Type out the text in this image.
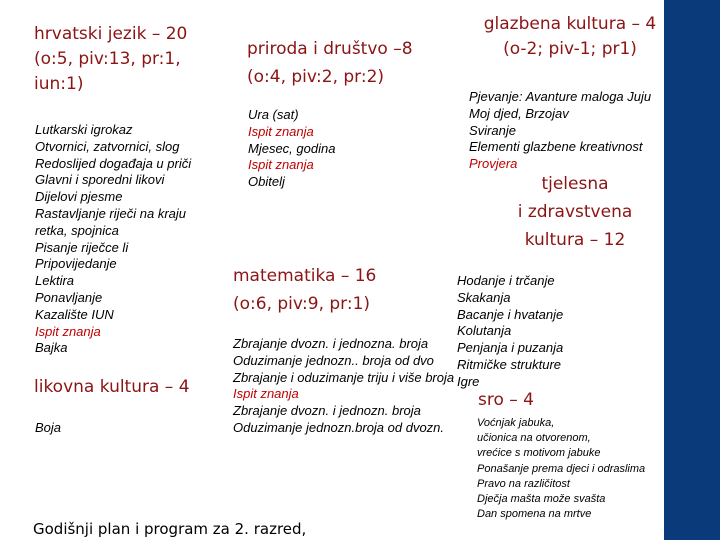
hrvatski jezik – 20
(o:5, piv:13, pr:1,
iun:1)
Lutkarski igrokaz
Otvornici, zatvornici, slog
Redoslijed događaja u priči
Glavni i sporedni likovi
Dijelovi pjesme
Rastavljanje riječi na kraju
retka, spojnica
Pisanje riječce li
Pripovijedanje
Lektira
Ponavljanje
Kazalište IUN
Ispit znanja
Bajka
likovna kultura – 4
Boja
priroda i društvo –8
(o:4, piv:2, pr:2)
Ura (sat)
Ispit znanja
Mjesec, godina
Ispit znanja
Obitelj
matematika – 16
(o:6, piv:9, pr:1)
Zbrajanje dvozn. i jednozna. broja
Oduzimanje jednozn.. broja od dvo
Zbrajanje i oduzimanje triju i više broja
Ispit znanja
Zbrajanje dvozn. i jednozn. broja
Oduzimanje jednozn.broja od dvozn.
glazbena kultura – 4
(o-2; piv-1; pr1)
Pjevanje: Avanture maloga Juju
Moj djed, Brzojav
Sviranje
Elementi glazbene kreativnost
Provjera
tjelesna
i zdravstvena
kultura – 12
Hodanje i trčanje
Skakanja
Bacanje i hvatanje
Kolutanja
Penjanja i puzanja
Ritmičke strukture
Igre
sro – 4
Voćnjak jabuka,
učionica na otvorenom,
vrećice s motivom jabuke
Ponašanje prema djeci i odraslima
Pravo na različitost
Dječja mašta može svašta
Dan spomena na mrtve
Godišnji plan i program za 2. razred,
